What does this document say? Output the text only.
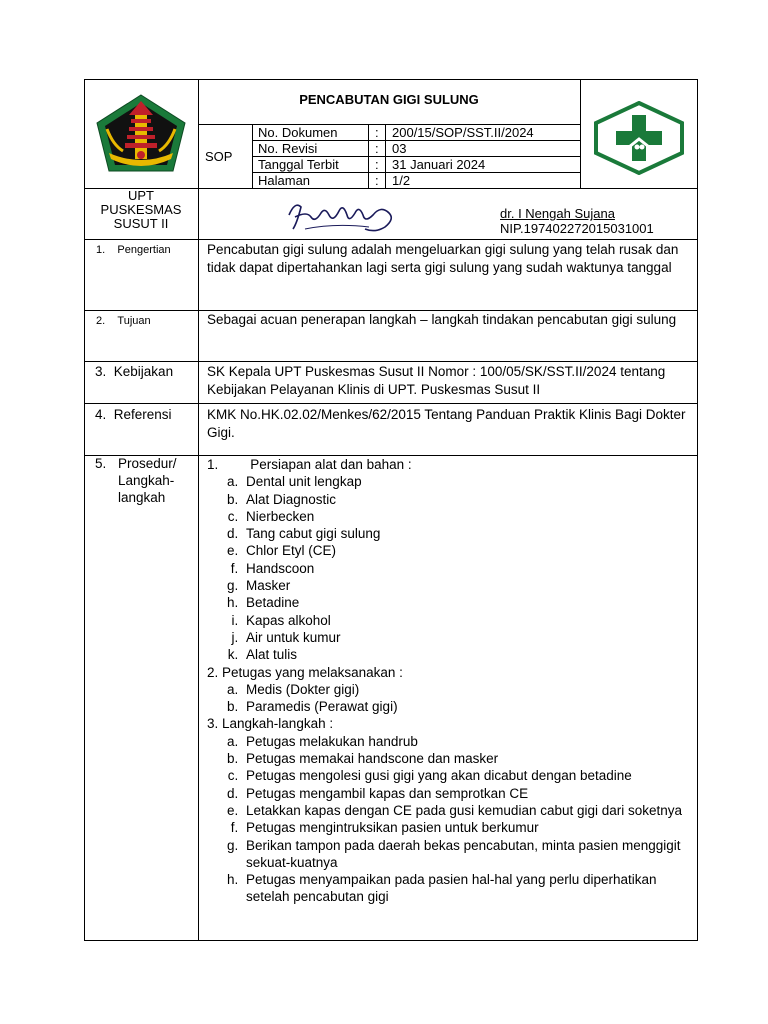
PENCABUTAN GIGI SULUNG
SOP
No. Dokumen	: 200/15/SOP/SST.II/2024
No. Revisi	: 03
Tanggal Terbit	: 31 Januari 2024
Halaman	: 1/2
UPT
PUSKESMAS
SUSUT II
dr. I Nengah Sujana
NIP.197402272015031001
1. Pengertian	Pencabutan gigi sulung adalah mengeluarkan gigi sulung yang telah rusak dan tidak dapat dipertahankan lagi serta gigi sulung yang sudah waktunya tanggal
2. Tujuan	Sebagai acuan penerapan langkah – langkah tindakan pencabutan gigi sulung
3. Kebijakan	SK Kepala UPT Puskesmas Susut II Nomor : 100/05/SK/SST.II/2024 tentang Kebijakan Pelayanan Klinis di UPT. Puskesmas Susut II
4. Referensi	KMK No.HK.02.02/Menkes/62/2015 Tentang Panduan Praktik Klinis Bagi Dokter Gigi.
5. Prosedur/
Langkah-
langkah

1. Persiapan alat dan bahan :

a. Dental unit lengkap
b. Alat Diagnostic
c. Nierbecken
d. Tang cabut gigi sulung
e. Chlor Etyl (CE)
f. Handscoon
g. Masker
h. Betadine
i. Kapas alkohol
j. Air untuk kumur
k. Alat tulis

2. Petugas yang melaksanakan :

a. Medis (Dokter gigi)
b. Paramedis (Perawat gigi)

3. Langkah-langkah :

a. Petugas melakukan handrub
b. Petugas memakai handscone dan masker
c. Petugas mengolesi gusi gigi yang akan dicabut dengan betadine
d. Petugas mengambil kapas dan semprotkan CE
e. Letakkan kapas dengan CE pada gusi kemudian cabut gigi dari soketnya
f. Petugas mengintruksikan pasien untuk berkumur
g. Berikan tampon pada daerah bekas pencabutan, minta pasien menggigit sekuat-kuatnya
h. Petugas menyampaikan pada pasien hal-hal yang perlu diperhatikan setelah pencabutan gigi
